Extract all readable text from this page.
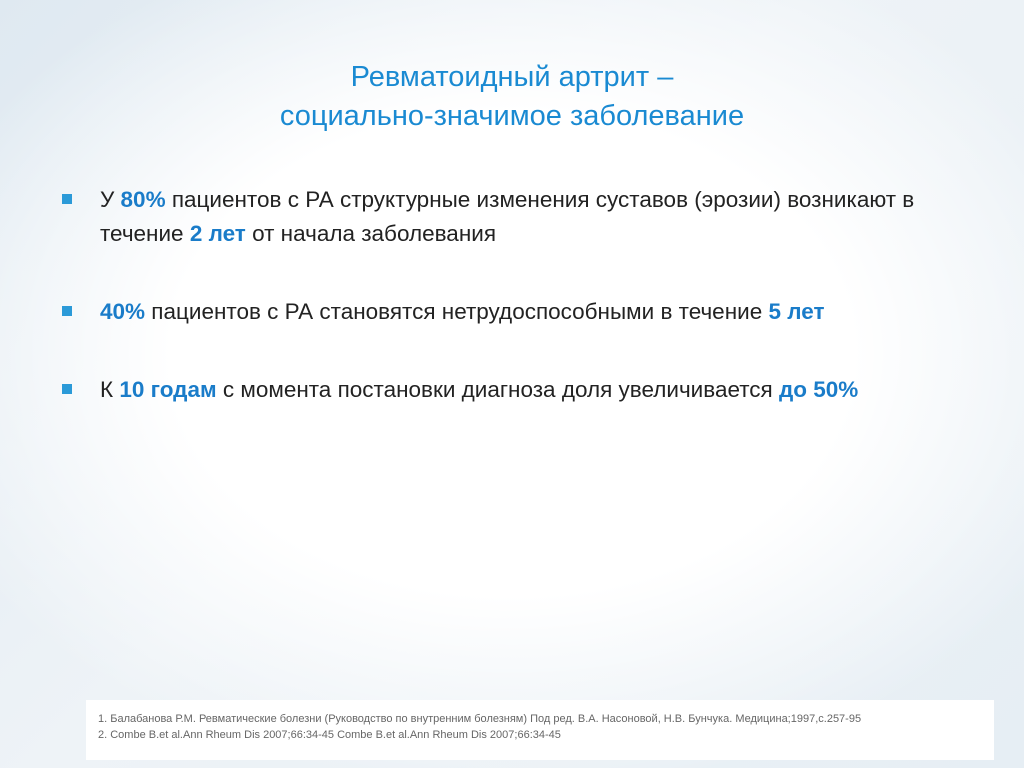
Ревматоидный артрит –
социально-значимое заболевание
У 80% пациентов с РА структурные изменения суставов (эрозии) возникают в течение 2 лет от начала заболевания
40% пациентов с РА становятся нетрудоспособными в течение 5 лет
К 10 годам с момента постановки диагноза доля увеличивается до 50%
1. Балабанова Р.М. Ревматические болезни (Руководство по внутренним болезням) Под ред. В.А. Насоновой, Н.В. Бунчука. Медицина;1997,с.257-95
2. Combe B.et al.Ann Rheum Dis 2007;66:34-45 Combe B.et al.Ann Rheum Dis 2007;66:34-45
